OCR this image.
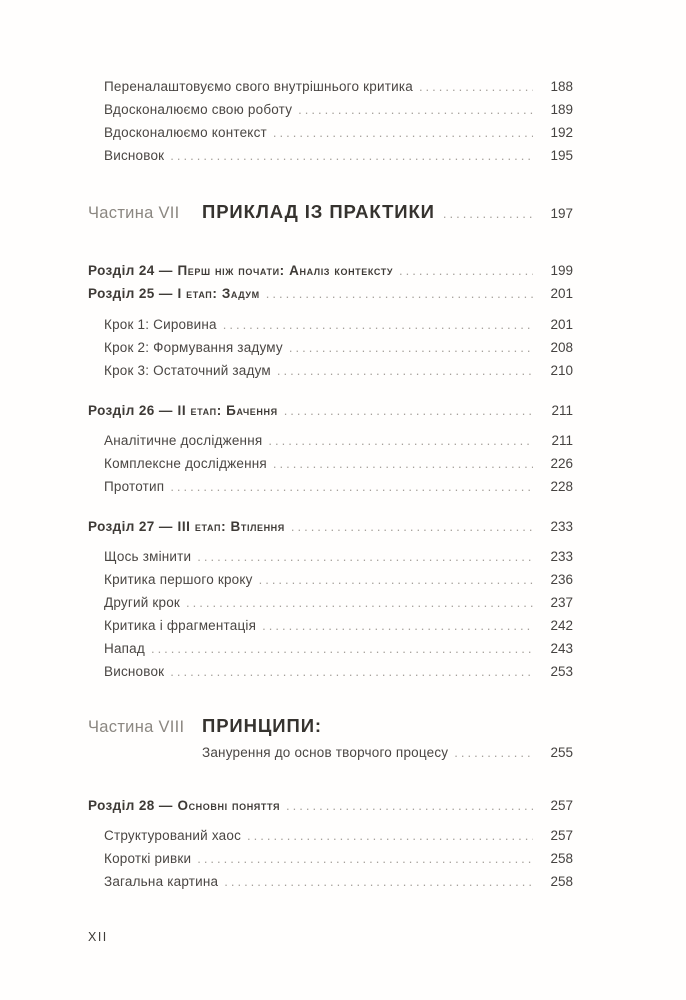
Переналаштовуємо свого внутрішнього критика .....	188
Вдосконалюємо свою роботу .....	189
Вдосконалюємо контекст .....	192
Висновок .....	195
Частина VII	ПРИКЛАД ІЗ ПРАКТИКИ .....	197
Розділ 24 — Перш ніж почати: Аналіз контексту .....	199
Розділ 25 — I етап: Задум .....	201
Крок 1: Сировина .....	201
Крок 2: Формування задуму .....	208
Крок 3: Остаточний задум .....	210
Розділ 26 — II етап: Бачення .....	211
Аналітичне дослідження .....	211
Комплексне дослідження .....	226
Прототип .....	228
Розділ 27 — III етап: Втілення .....	233
Щось змінити .....	233
Критика першого кроку .....	236
Другий крок .....	237
Критика і фрагментація .....	242
Напад .....	243
Висновок .....	253
Частина VIII ПРИНЦИПИ:
Занурення до основ творчого процесу .....	255
Розділ 28 — Основні поняття .....	257
Структурований хаос .....	257
Короткі ривки .....	258
Загальна картина .....	258
XII
